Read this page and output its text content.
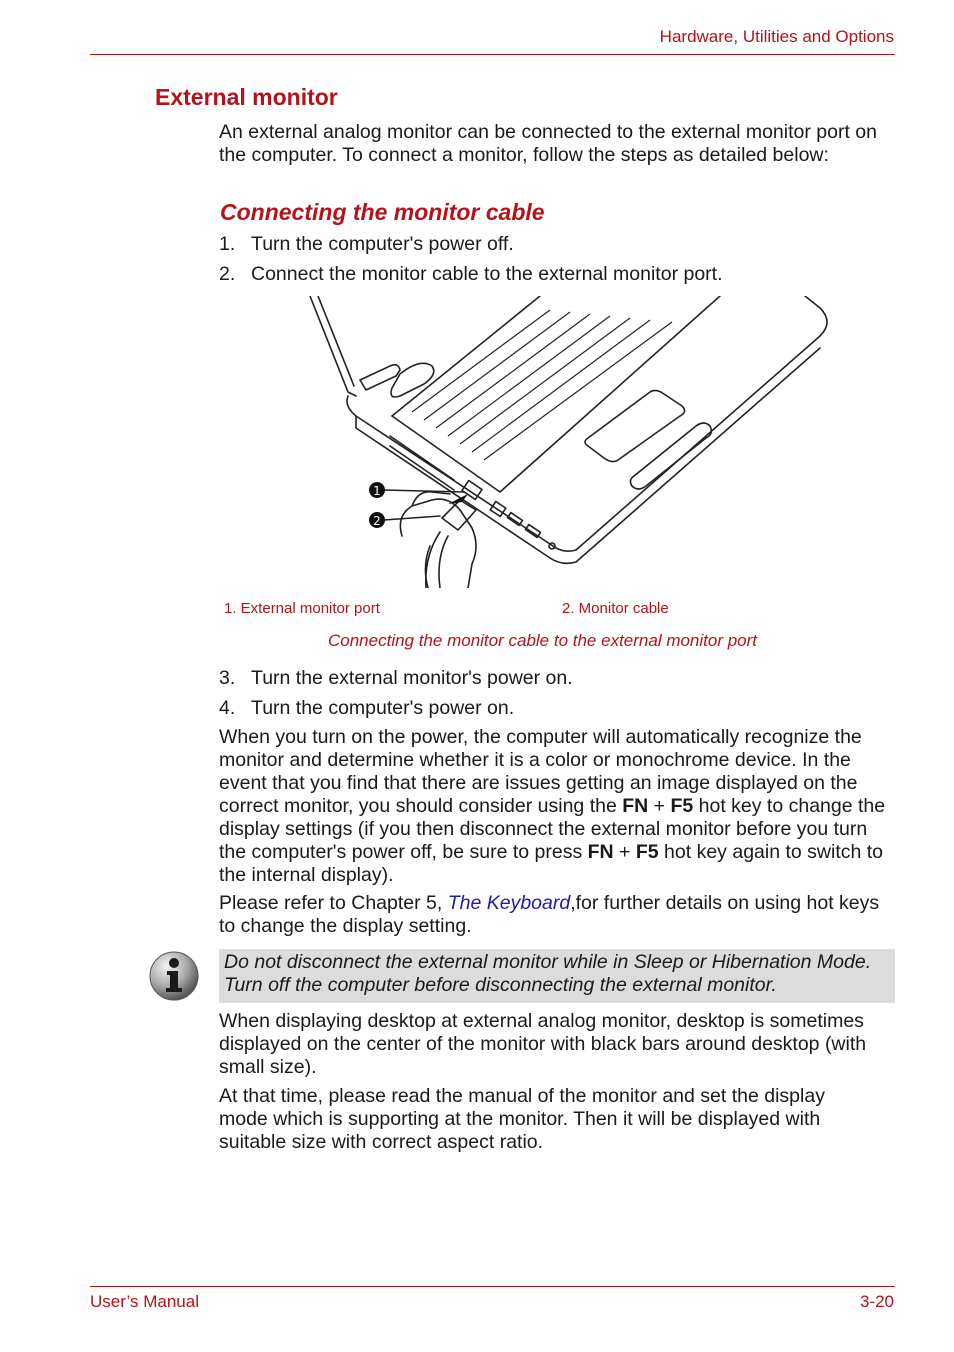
Hardware, Utilities and Options
External monitor

An external analog monitor can be connected to the external monitor port on the computer. To connect a monitor, follow the steps as detailed below:

Connecting the monitor cable
1. Turn the computer's power off.
2. Connect the monitor cable to the external monitor port.
1
2
1. External monitor port	2. Monitor cable
Connecting the monitor cable to the external monitor port
3. Turn the external monitor's power on.
4. Turn the computer's power on.

When you turn on the power, the computer will automatically recognize the monitor and determine whether it is a color or monochrome device. In the event that you find that there are issues getting an image displayed on the correct monitor, you should consider using the FN + F5 hot key to change the display settings (if you then disconnect the external monitor before you turn the computer's power off, be sure to press FN + F5 hot key again to switch to the internal display).

Please refer to Chapter 5, The Keyboard,for further details on using hot keys to change the display setting.

Do not disconnect the external monitor while in Sleep or Hibernation Mode. Turn off the computer before disconnecting the external monitor.

When displaying desktop at external analog monitor, desktop is sometimes displayed on the center of the monitor with black bars around desktop (with small size).

At that time, please read the manual of the monitor and set the display mode which is supporting at the monitor. Then it will be displayed with suitable size with correct aspect ratio.

User’s Manual	3-20
